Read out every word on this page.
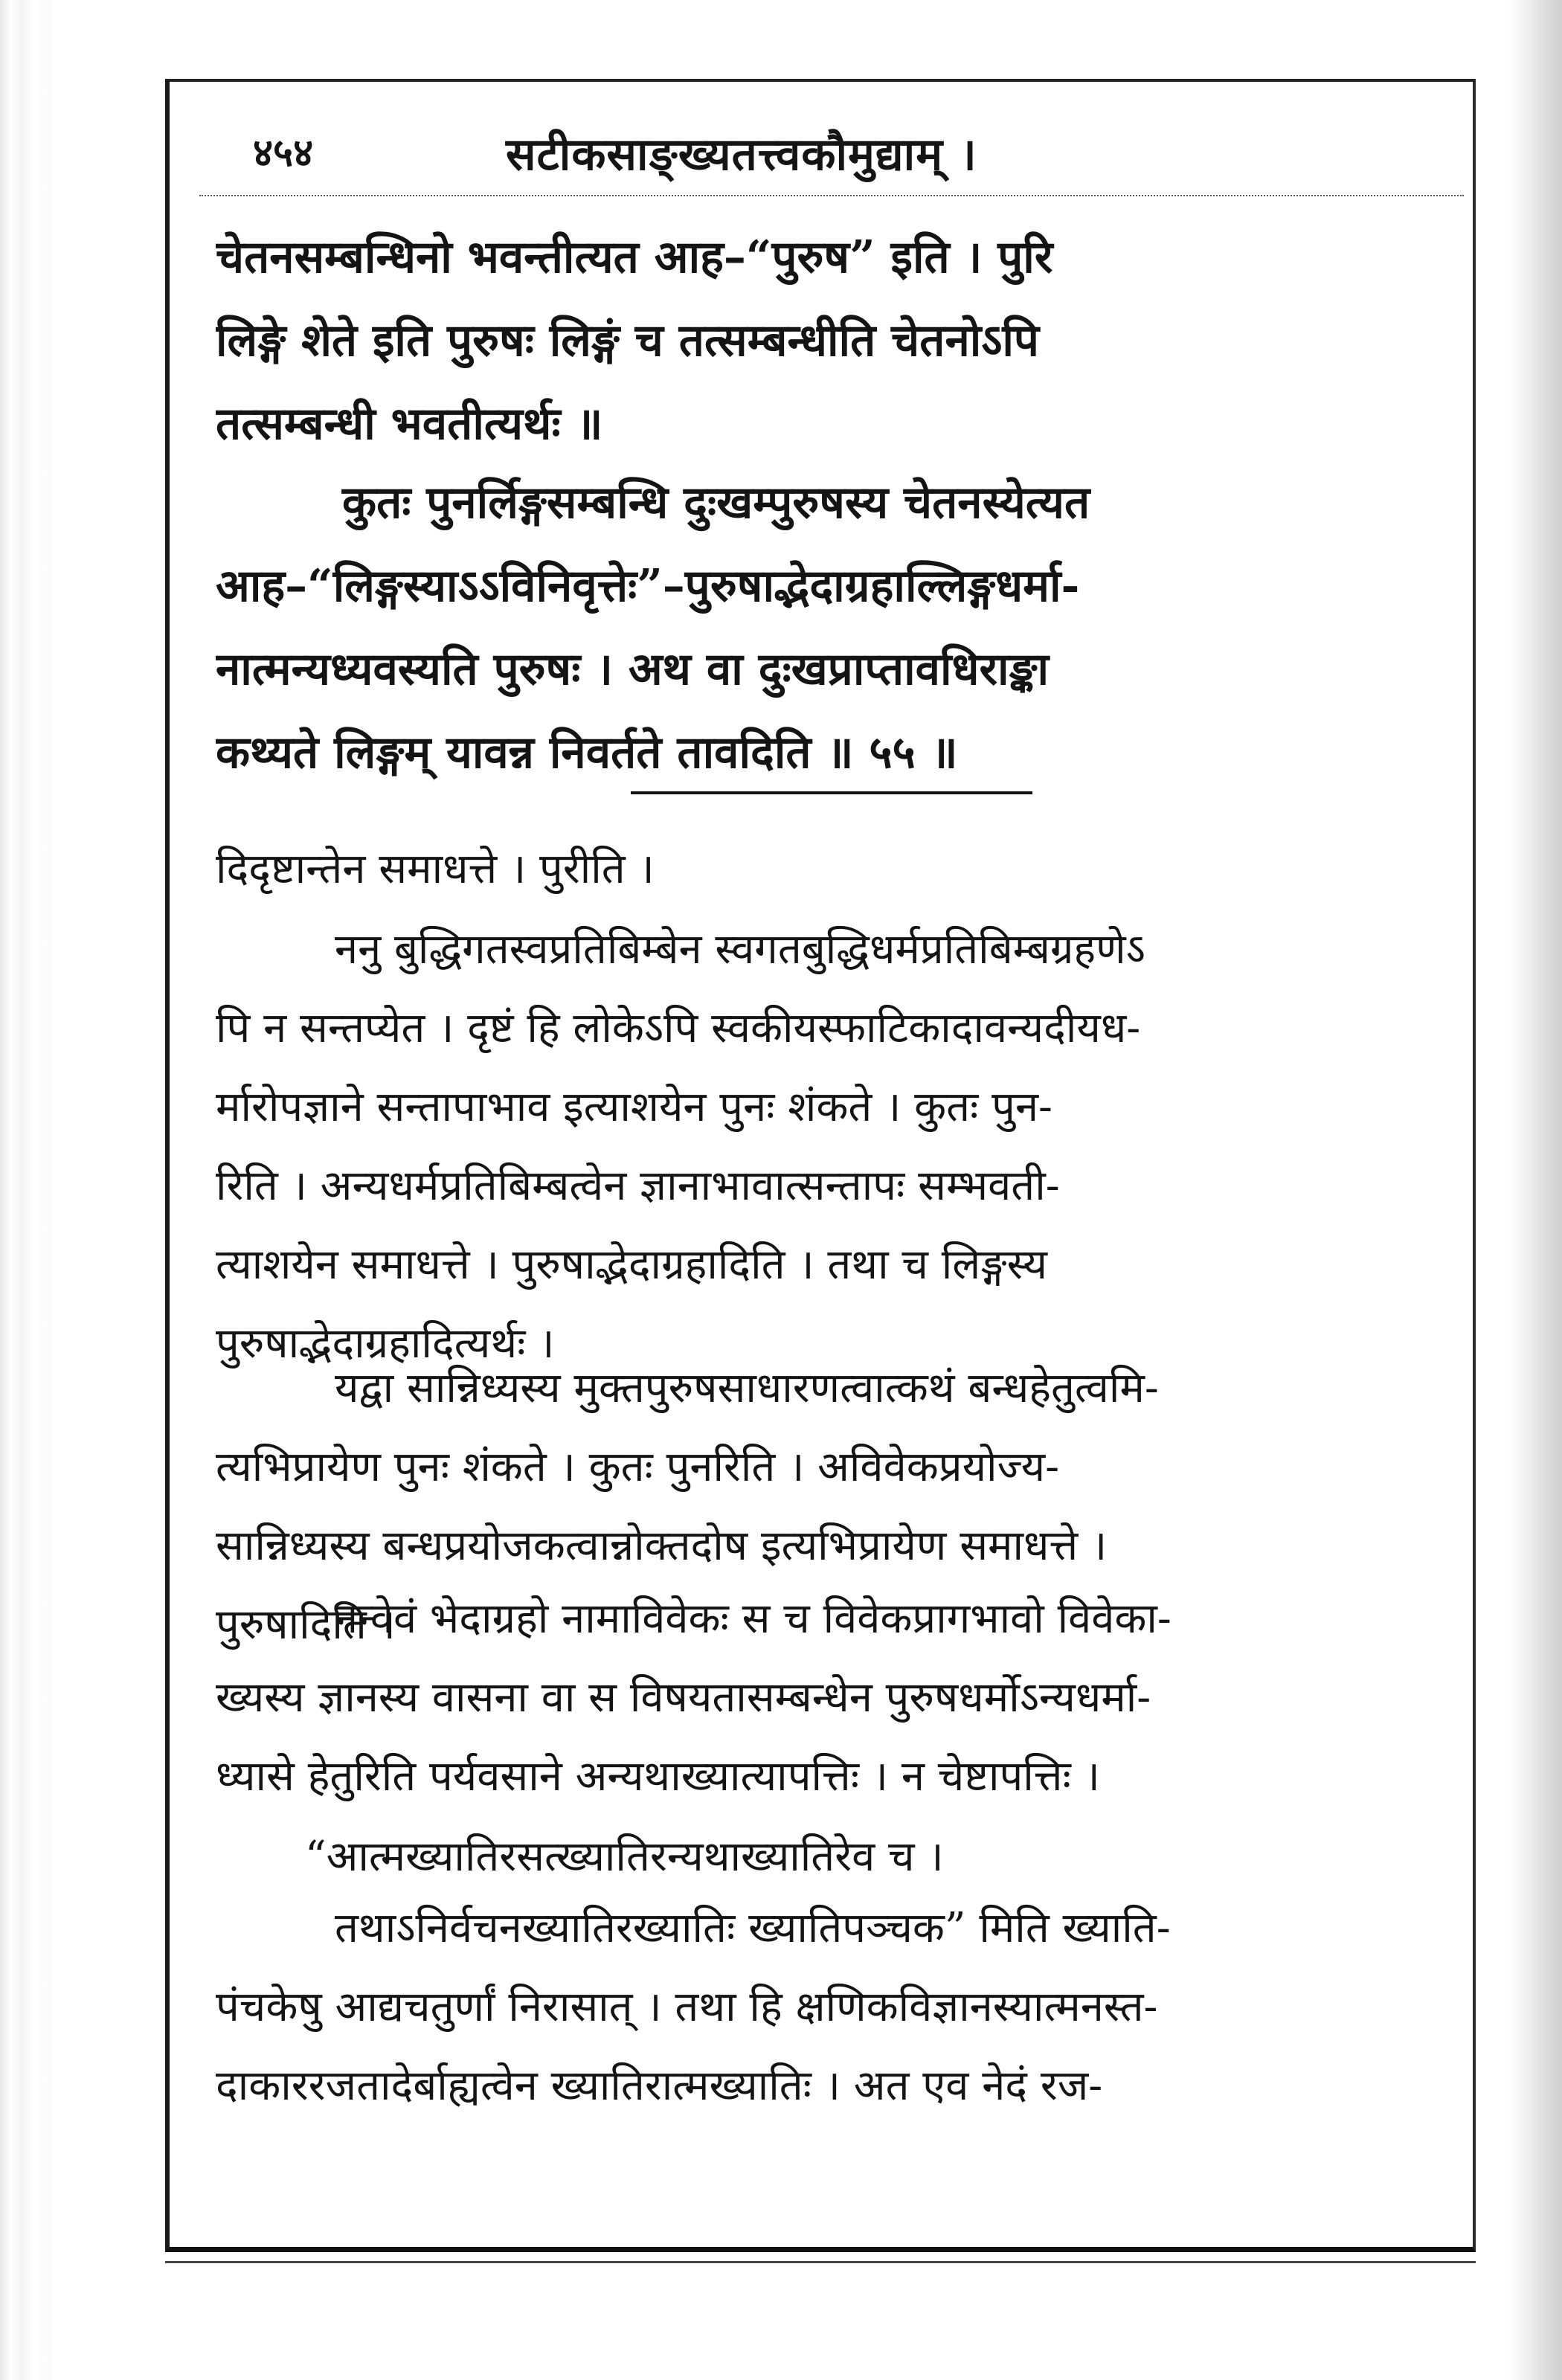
४५४	सटीकसाङ्ख्यतत्त्वकौमुद्याम् ।
चेतनसम्बन्धिनो भवन्तीत्यत आह–“पुरुष” इति । पुरि
लिङ्गे शेते इति पुरुषः लिङ्गं च तत्सम्बन्धीति चेतनोऽपि
तत्सम्बन्धी भवतीत्यर्थः ॥
कुतः पुनर्लिङ्गसम्बन्धि दुःखम्पुरुषस्य चेतनस्येत्यत
आह–“लिङ्गस्याऽऽविनिवृत्तेः”–पुरुषाद्भेदाग्रहाल्लिङ्गधर्मा-
नात्मन्यध्यवस्यति पुरुषः । अथ वा दुःखप्राप्तावधिराङ्का
कथ्यते लिङ्गम् यावन्न निवर्तते तावदिति ॥ ५५ ॥
दिदृष्टान्तेन समाधत्ते । पुरीति ।
ननु बुद्धिगतस्वप्रतिबिम्बेन स्वगतबुद्धिधर्मप्रतिबिम्बग्रहणेऽ
पि न सन्तप्येत । दृष्टं हि लोकेऽपि स्वकीयस्फाटिकादावन्यदीयध-
र्मारोपज्ञाने सन्तापाभाव इत्याशयेन पुनः शंकते । कुतः पुन-
रिति । अन्यधर्मप्रतिबिम्बत्वेन ज्ञानाभावात्सन्तापः सम्भवती-
त्याशयेन समाधत्ते । पुरुषाद्भेदाग्रहादिति । तथा च लिङ्गस्य
पुरुषाद्भेदाग्रहादित्यर्थः ।
यद्वा सान्निध्यस्य मुक्तपुरुषसाधारणत्वात्कथं बन्धहेतुत्वमि-
त्यभिप्रायेण पुनः शंकते । कुतः पुनरिति । अविवेकप्रयोज्य-
सान्निध्यस्य बन्धप्रयोजकत्वान्नोक्तदोष इत्यभिप्रायेण समाधत्ते ।
पुरुषादिति ।
नन्वेवं भेदाग्रहो नामाविवेकः स च विवेकप्रागभावो विवेका-
ख्यस्य ज्ञानस्य वासना वा स विषयतासम्बन्धेन पुरुषधर्मोऽन्यधर्मा-
ध्यासे हेतुरिति पर्यवसाने अन्यथाख्यात्यापत्तिः । न चेष्टापत्तिः ।
“आत्मख्यातिरसत्ख्यातिरन्यथाख्यातिरेव च ।
तथाऽनिर्वचनख्यातिरख्यातिः ख्यातिपञ्चक” मिति ख्याति-
पंचकेषु आद्यचतुर्णां निरासात् । तथा हि क्षणिकविज्ञानस्यात्मनस्त-
दाकाररजतादेर्बाह्यत्वेन ख्यातिरात्मख्यातिः । अत एव नेदं रज-
